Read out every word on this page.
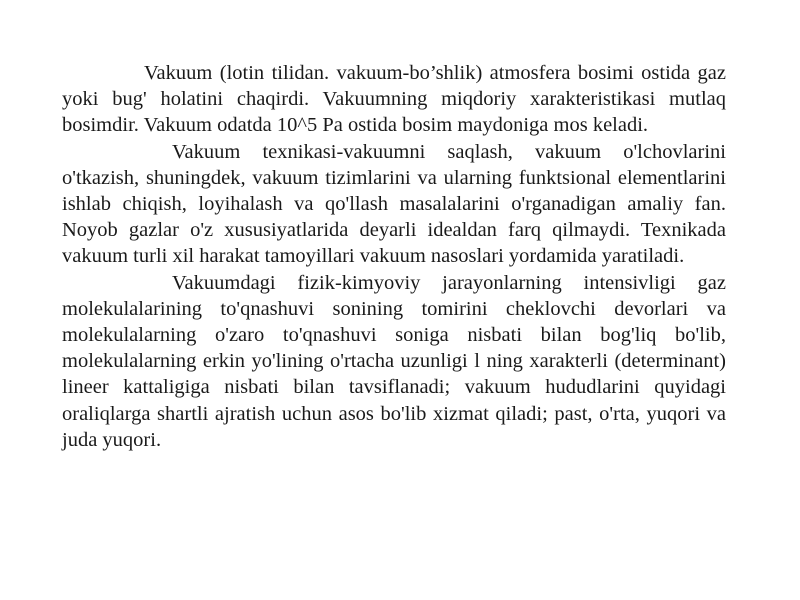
Vakuum (lotin tilidan. vakuum-bo’shlik) atmosfera bosimi ostida gaz yoki bug' holatini chaqirdi. Vakuumning miqdoriy xarakteristikasi mutlaq bosimdir. Vakuum odatda 10^5 Pa ostida bosim maydoniga mos keladi.

Vakuum texnikasi-vakuumni saqlash, vakuum o'lchovlarini o'tkazish, shuningdek, vakuum tizimlarini va ularning funktsional elementlarini ishlab chiqish, loyihalash va qo'llash masalalarini o'rganadigan amaliy fan. Noyob gazlar o'z xususiyatlarida deyarli idealdan farq qilmaydi. Texnikada vakuum turli xil harakat tamoyillari vakuum nasoslari yordamida yaratiladi.

Vakuumdagi fizik-kimyoviy jarayonlarning intensivligi gaz molekulalarining to'qnashuvi sonining tomirini cheklovchi devorlari va molekulalarning o'zaro to'qnashuvi soniga nisbati bilan bog'liq bo'lib, molekulalarning erkin yo'lining o'rtacha uzunligi l ning xarakterli (determinant) lineer kattaligiga nisbati bilan tavsiflanadi; vakuum hududlarini quyidagi oraliqlarga shartli ajratish uchun asos bo'lib xizmat qiladi; past, o'rta, yuqori va juda yuqori.
